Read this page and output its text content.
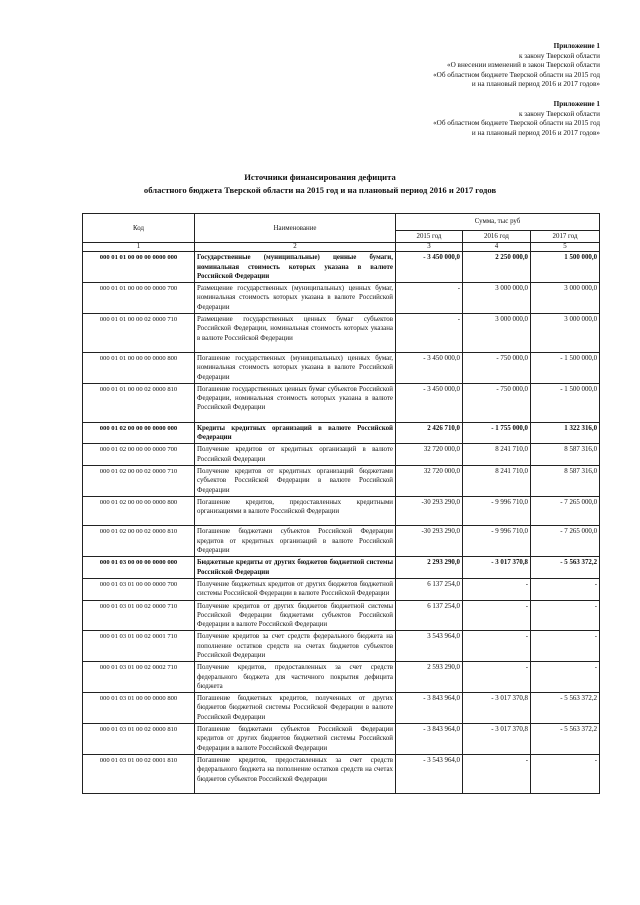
Приложение 1
к закону Тверской области
«О внесении изменений в закон Тверской области
«Об областном бюджете Тверской области на 2015 год
и на плановый период 2016 и 2017 годов»
Приложение 1
к закону Тверской области
«Об областном бюджете Тверской области на 2015 год
и на плановый период 2016 и 2017 годов»
Источники финансирования дефицита
областного бюджета Тверской области на 2015 год и на плановый период 2016 и 2017 годов
Код	Наименование	Сумма, тыс руб		
		2015 год	2016 год	2017 год
1	2	3	4	5
000 01 01 00 00 00 0000 000	Государственные (муниципальные) ценные бумаги, номинальная стоимость которых указана в валюте Российской Федерации	- 3 450 000,0	2 250 000,0	1 500 000,0
000 01 01 00 00 00 0000 700	Размещение государственных (муниципальных) ценных бумаг, номинальная стоимость которых указана в валюте Российской Федерации	-	3 000 000,0	3 000 000,0
000 01 01 00 00 02 0000 710	Размещение государственных ценных бумаг субъектов Российской Федерации, номинальная стоимость которых указана в валюте Российской Федерации	-	3 000 000,0	3 000 000,0
000 01 01 00 00 00 0000 800	Погашение государственных (муниципальных) ценных бумаг, номинальная стоимость которых указана в валюте Российской Федерации	- 3 450 000,0	- 750 000,0	- 1 500 000,0
000 01 01 00 00 02 0000 810	Погашение государственных ценных бумаг субъектов Российской Федерации, номинальная стоимость которых указана в валюте Российской Федерации	- 3 450 000,0	- 750 000,0	- 1 500 000,0
000 01 02 00 00 00 0000 000	Кредиты кредитных организаций в валюте Российской Федерации	2 426 710,0	- 1 755 000,0	1 322 316,0
000 01 02 00 00 00 0000 700	Получение кредитов от кредитных организаций в валюте Российской Федерации	32 720 000,0	8 241 710,0	8 587 316,0
000 01 02 00 00 02 0000 710	Получение кредитов от кредитных организаций бюджетами субъектов Российской Федерации в валюте Российской Федерации	32 720 000,0	8 241 710,0	8 587 316,0
000 01 02 00 00 00 0000 800	Погашение кредитов, предоставленных кредитными организациями в валюте Российской Федерации	-30 293 290,0	- 9 996 710,0	- 7 265 000,0
000 01 02 00 00 02 0000 810	Погашение бюджетами субъектов Российской Федерации кредитов от кредитных организаций в валюте Российской Федерации	-30 293 290,0	- 9 996 710,0	- 7 265 000,0
000 01 03 00 00 00 0000 000	Бюджетные кредиты от других бюджетов бюджетной системы Российской Федерации	2 293 290,0	- 3 017 370,8	- 5 563 372,2
000 01 03 01 00 00 0000 700	Получение бюджетных кредитов от других бюджетов бюджетной системы Российской Федерации в валюте Российской Федерации	6 137 254,0	-	-
000 01 03 01 00 02 0000 710	Получение кредитов от других бюджетов бюджетной системы Российской Федерации бюджетами субъектов Российской Федерации в валюте Российской Федерации	6 137 254,0	-	-
000 01 03 01 00 02 0001 710	Получение кредитов за счет средств федерального бюджета на пополнение остатков средств на счетах бюджетов субъектов Российской Федерации	3 543 964,0	-	-
000 01 03 01 00 02 0002 710	Получение кредитов, предоставленных за счет средств федерального бюджета для частичного покрытия дефицита бюджета	2 593 290,0	-	-
000 01 03 01 00 00 0000 800	Погашение бюджетных кредитов, полученных от других бюджетов бюджетной системы Российской Федерации в валюте Российской Федерации	- 3 843 964,0	- 3 017 370,8	- 5 563 372,2
000 01 03 01 00 02 0000 810	Погашение бюджетами субъектов Российской Федерации кредитов от других бюджетов бюджетной системы Российской Федерации в валюте Российской Федерации	- 3 843 964,0	- 3 017 370,8	- 5 563 372,2
000 01 03 01 00 02 0001 810	Погашение кредитов, предоставленных за счет средств федерального бюджета на пополнение остатков средств на счетах бюджетов субъектов Российской Федерации	- 3 543 964,0	-	-
